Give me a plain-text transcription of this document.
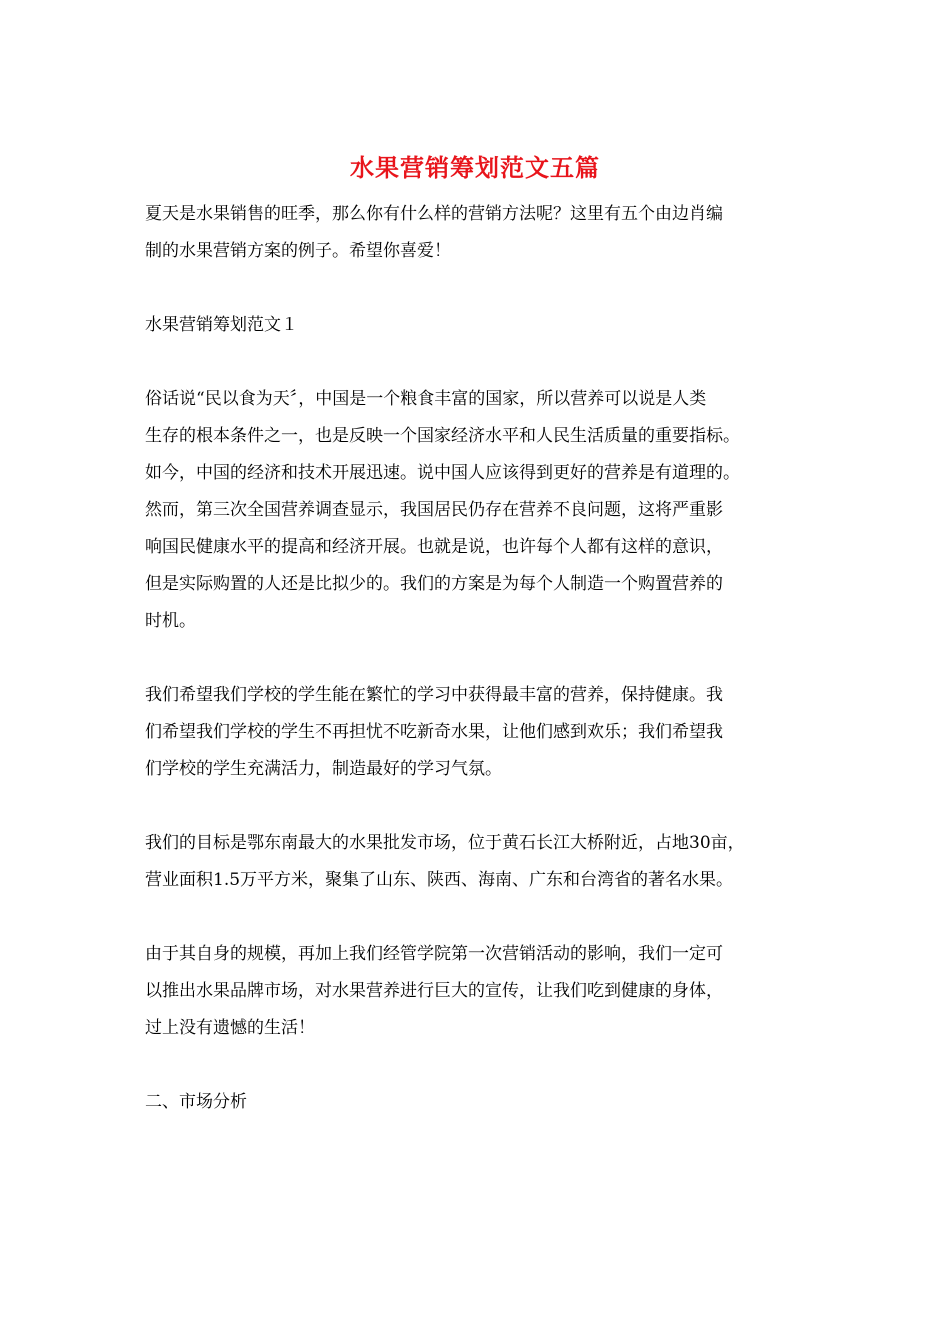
水果营销筹划范文五篇

夏天是水果销售的旺季，那么你有什么样的营销方法呢？这里有五个由边肖编
制的水果营销方案的例子。希望你喜爱！

水果营销筹划范文１

俗话说“民以食为天〞，中国是一个粮食丰富的国家，所以营养可以说是人类
生存的根本条件之一，也是反映一个国家经济水平和人民生活质量的重要指标。
如今，中国的经济和技术开展迅速。说中国人应该得到更好的营养是有道理的。
然而，第三次全国营养调查显示，我国居民仍存在营养不良问题，这将严重影
响国民健康水平的提高和经济开展。也就是说，也许每个人都有这样的意识，
但是实际购置的人还是比拟少的。我们的方案是为每个人制造一个购置营养的
时机。

我们希望我们学校的学生能在繁忙的学习中获得最丰富的营养，保持健康。我
们希望我们学校的学生不再担忧不吃新奇水果，让他们感到欢乐；我们希望我
们学校的学生充满活力，制造最好的学习气氛。

我们的目标是鄂东南最大的水果批发市场，位于黄石长江大桥附近，占地30亩，
营业面积1.5万平方米，聚集了山东、陕西、海南、广东和台湾省的著名水果。

由于其自身的规模，再加上我们经管学院第一次营销活动的影响，我们一定可
以推出水果品牌市场，对水果营养进行巨大的宣传，让我们吃到健康的身体，
过上没有遗憾的生活！

二、市场分析
